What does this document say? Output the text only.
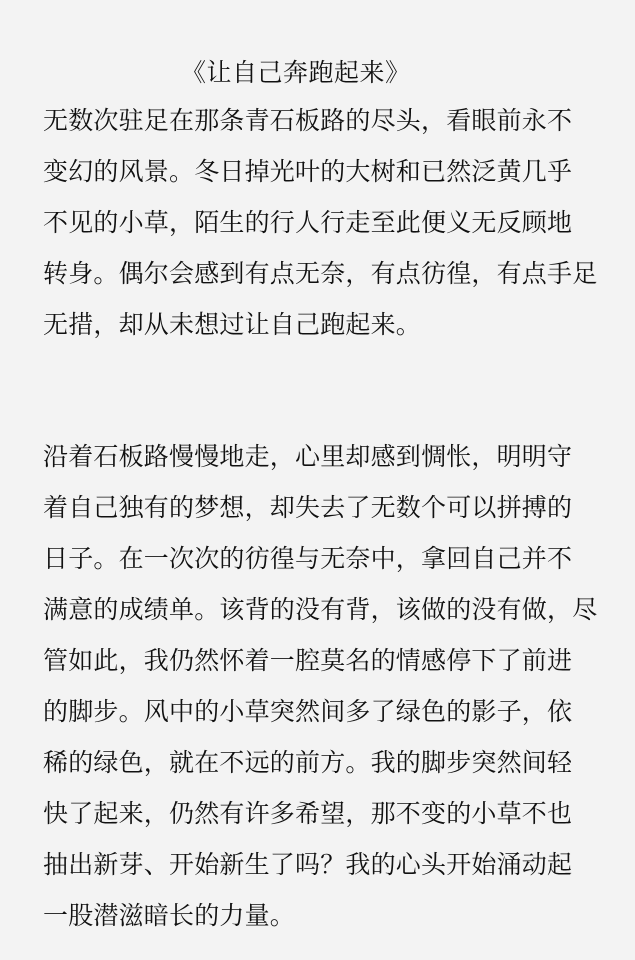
《让自己奔跑起来》
无数次驻足在那条青石板路的尽头，看眼前永不
变幻的风景。冬日掉光叶的大树和已然泛黄几乎
不见的小草，陌生的行人行走至此便义无反顾地
转身。偶尔会感到有点无奈，有点彷徨，有点手足
无措，却从未想过让自己跑起来。
沿着石板路慢慢地走，心里却感到惆怅，明明守
着自己独有的梦想，却失去了无数个可以拼搏的
日子。在一次次的彷徨与无奈中，拿回自己并不
满意的成绩单。该背的没有背，该做的没有做，尽
管如此，我仍然怀着一腔莫名的情感停下了前进
的脚步。风中的小草突然间多了绿色的影子，依
稀的绿色，就在不远的前方。我的脚步突然间轻
快了起来，仍然有许多希望，那不变的小草不也
抽出新芽、开始新生了吗？我的心头开始涌动起
一股潜滋暗长的力量。
